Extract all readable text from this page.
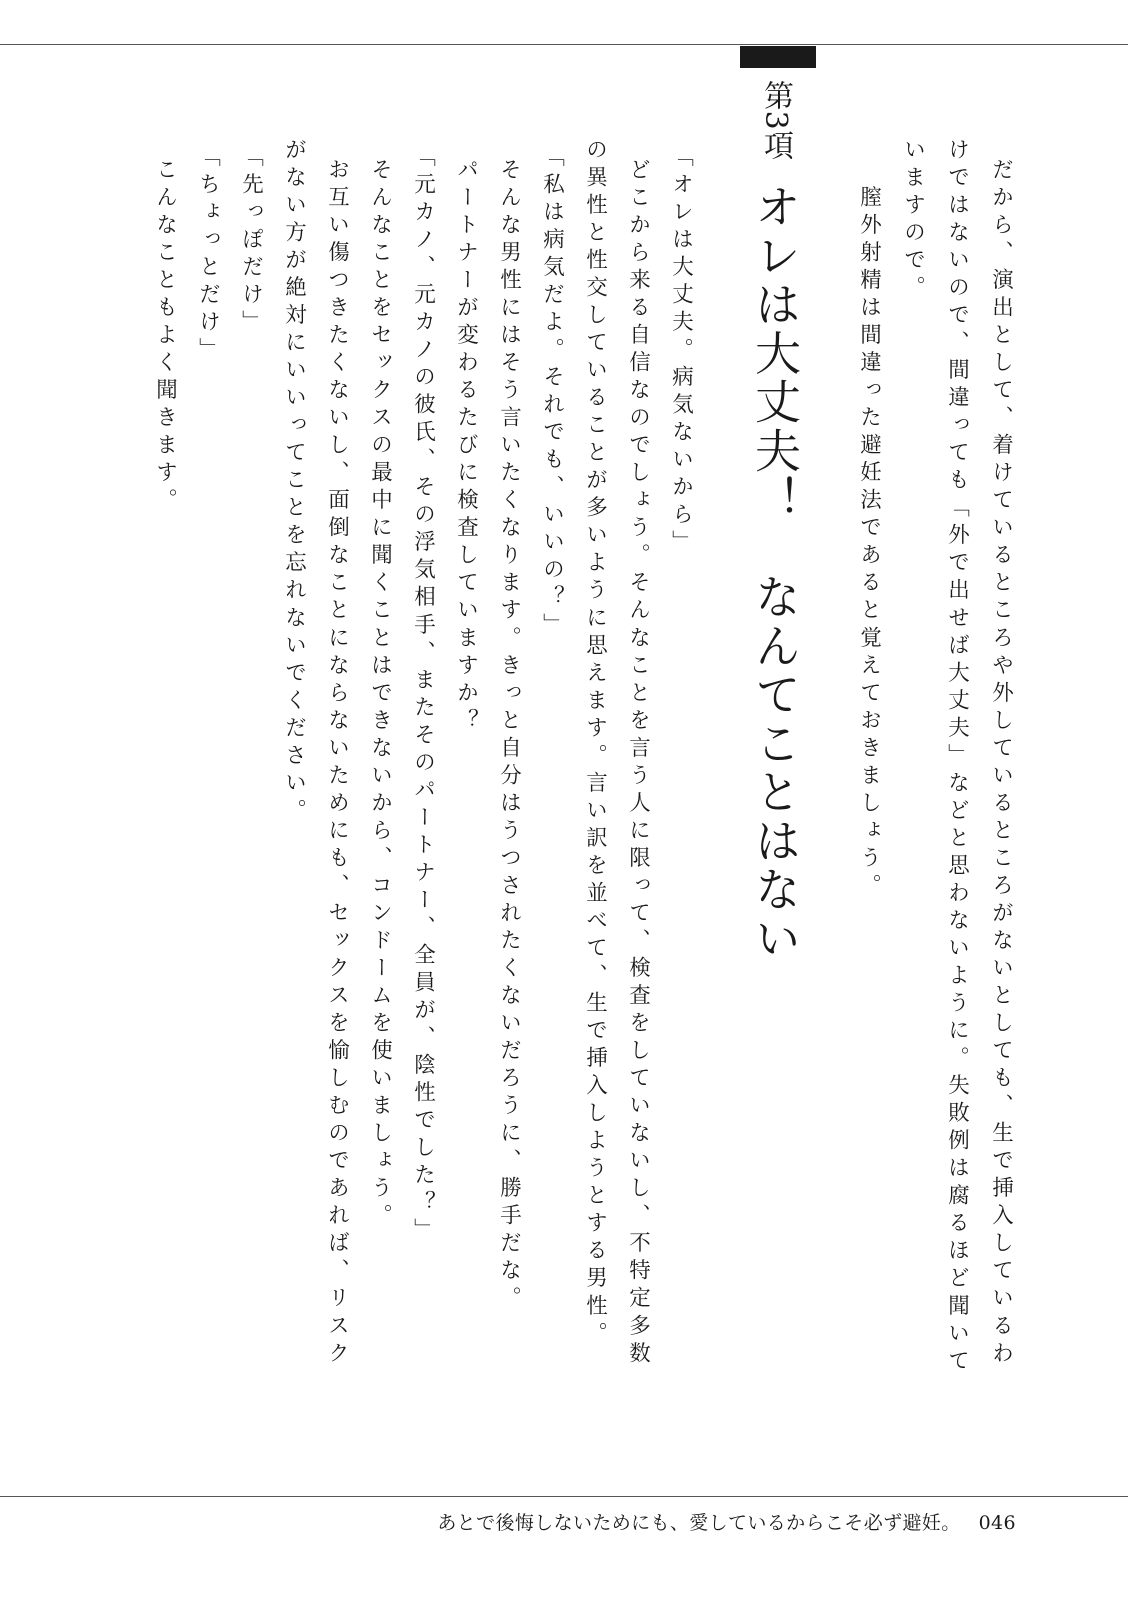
だから、演出として、着けているところや外しているところがないとしても、生で挿入しているわ
けではないので、間違っても「外で出せば大丈夫」などと思わないように。失敗例は腐るほど聞いて
いますので。
　膣外射精は間違った避妊法であると覚えておきましょう。
第3項オレは大丈夫！　なんてことはない
「オレは大丈夫。病気ないから」
どこから来る自信なのでしょう。そんなことを言う人に限って、検査をしていないし、不特定多数
の異性と性交していることが多いように思えます。言い訳を並べて、生で挿入しようとする男性。
「私は病気だよ。それでも、いいの？」
そんな男性にはそう言いたくなります。きっと自分はうつされたくないだろうに、勝手だな。
パートナーが変わるたびに検査していますか？
「元カノ、元カノの彼氏、その浮気相手、またそのパートナー、全員が、陰性でした？」
そんなことをセックスの最中に聞くことはできないから、コンドームを使いましょう。
お互い傷つきたくないし、面倒なことにならないためにも、セックスを愉しむのであれば、リスク
がない方が絶対にいいってことを忘れないでください。
「先っぽだけ」
「ちょっとだけ」
こんなこともよく聞きます。
あとで後悔しないためにも、愛しているからこそ必ず避妊。 046
